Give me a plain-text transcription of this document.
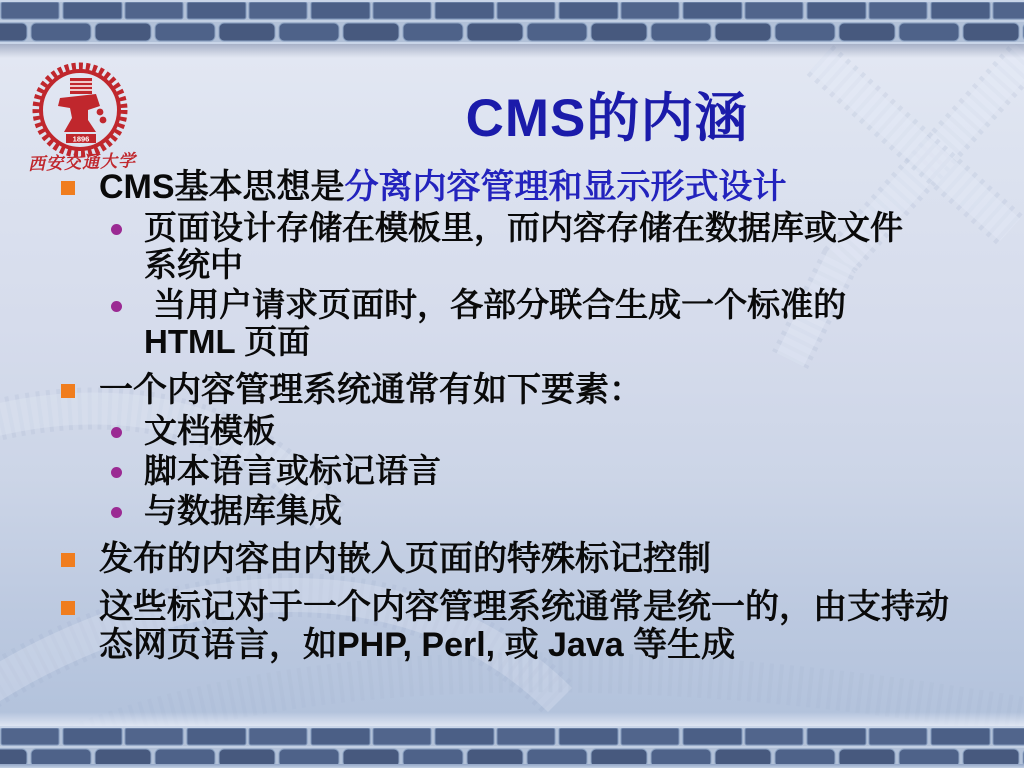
1896
西安交通大学
CMS的内涵
CMS基本思想是分离内容管理和显示形式设计
页面设计存储在模板里，而内容存储在数据库或文件系统中
当用户请求页面时，各部分联合生成一个标准的HTML 页面
一个内容管理系统通常有如下要素：
文档模板
脚本语言或标记语言
与数据库集成
发布的内容由内嵌入页面的特殊标记控制
这些标记对于一个内容管理系统通常是统一的，由支持动态网页语言，如PHP, Perl, 或 Java 等生成
